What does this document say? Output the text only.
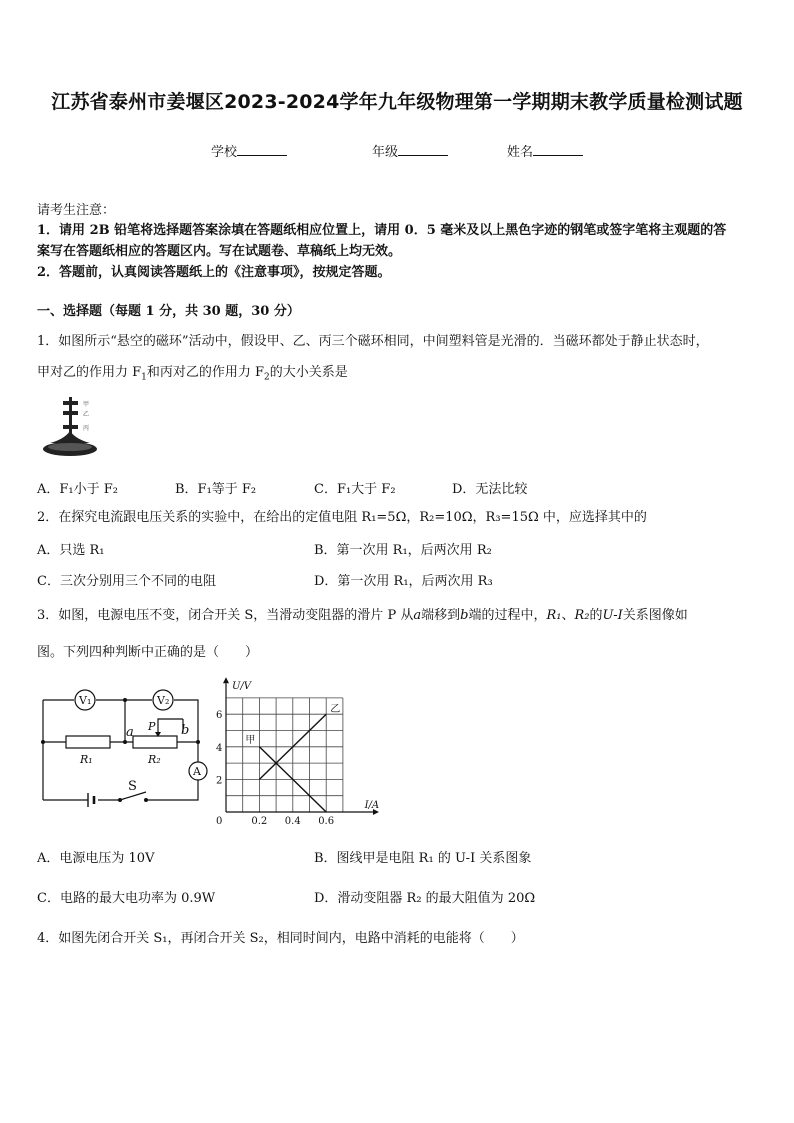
江苏省泰州市姜堰区2023-2024学年九年级物理第一学期期末教学质量检测试题
学校	年级	姓名
请考生注意：
1．请用 2B 铅笔将选择题答案涂填在答题纸相应位置上，请用 0．5 毫米及以上黑色字迹的钢笔或签字笔将主观题的答
案写在答题纸相应的答题区内。写在试题卷、草稿纸上均无效。
2．答题前，认真阅读答题纸上的《注意事项》，按规定答题。
一、选择题（每题 1 分，共 30 题，30 分）
1．如图所示“悬空的磁环”活动中，假设甲、乙、丙三个磁环相同，中间塑料管是光滑的．当磁环都处于静止状态时，
甲对乙的作用力 $F_1$和丙对乙的作用力 $F_2$的大小关系是
甲
乙
丙
A．F₁小于 F₂	B．F₁等于 F₂	C．F₁大于 F₂	D．无法比较
2．在探究电流跟电压关系的实验中，在给出的定值电阻 R₁=5Ω，R₂=10Ω，R₃=15Ω 中，应选择其中的
A．只选 R₁	B．第一次用 R₁，后两次用 R₂
C．三次分别用三个不同的电阻	D．第一次用 R₁，后两次用 R₃
3．如图，电源电压不变，闭合开关 S，当滑动变阻器的滑片 P 从a端移到b端的过程中，R₁、R₂的U-I关系图像如
图。下列四种判断中正确的是（　　）
V₁	V₂
a	b
P
R₁	R₂
A
S
甲
乙
0.2 0.4 0.6
2
4
6
0
I/A
U/V
A．电源电压为 10V	B．图线甲是电阻 R₁ 的 U-I 关系图象
C．电路的最大电功率为 0.9W	D．滑动变阻器 R₂ 的最大阻值为 20Ω
4．如图先闭合开关 S₁，再闭合开关 S₂，相同时间内，电路中消耗的电能将（　　）
